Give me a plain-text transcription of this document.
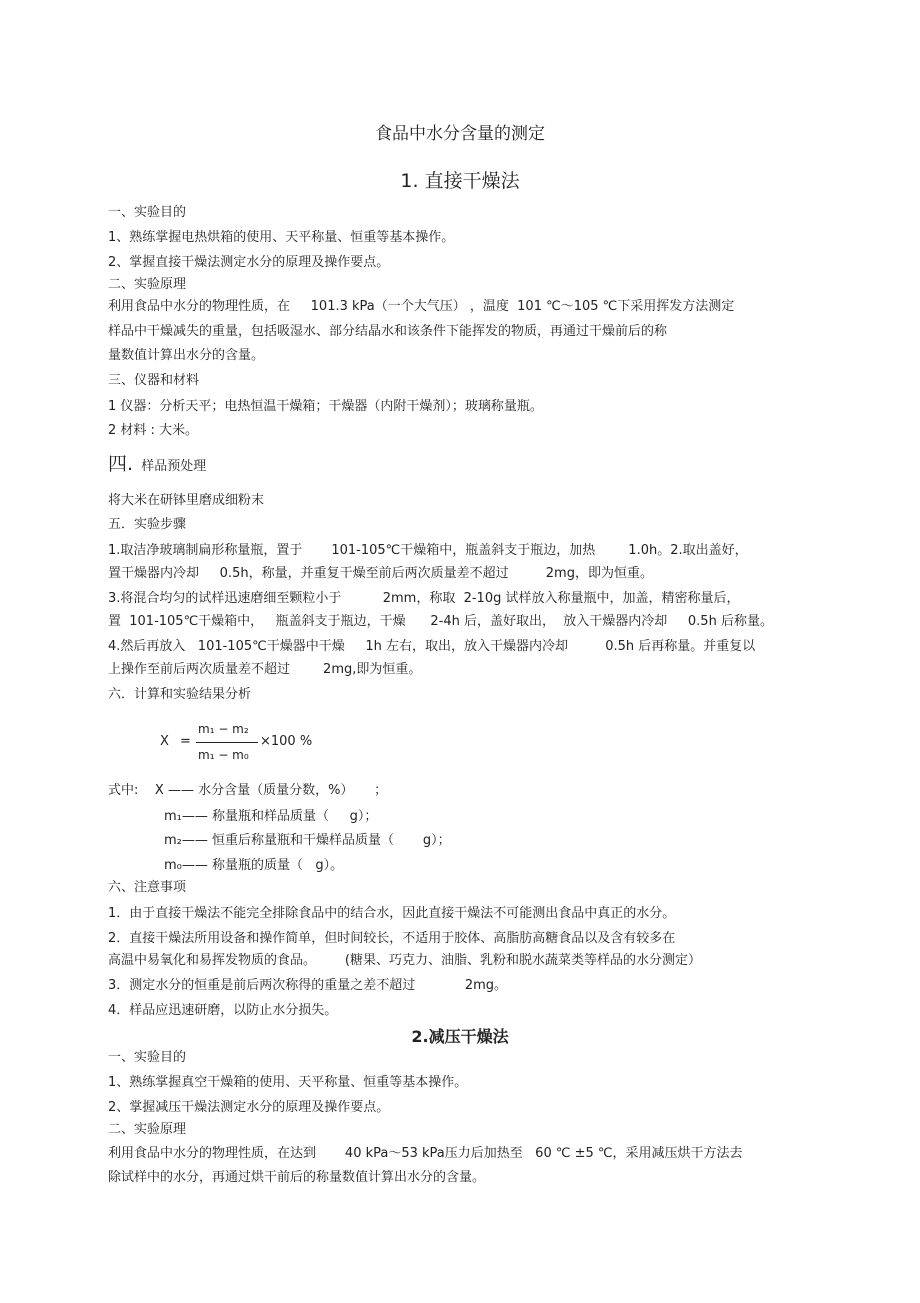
食品中水分含量的测定
1. 直接干燥法
一、实验目的
1、熟练掌握电热烘箱的使用、天平称量、恒重等基本操作。
2、掌握直接干燥法测定水分的原理及操作要点。
二、实验原理
利用食品中水分的物理性质，在     101.3 kPa（一个大气压） ，温度  101 ℃～105 ℃下采用挥发方法测定
样品中干燥减失的重量，包括吸湿水、部分结晶水和该条件下能挥发的物质，再通过干燥前后的称
量数值计算出水分的含量。
三、仪器和材料
1 仪器：分析天平；电热恒温干燥箱；干燥器（内附干燥剂）；玻璃称量瓶。
2 材料 : 大米。
四.  样品预处理
将大米在研钵里磨成细粉末
五．实验步骤
1.取洁净玻璃制扁形称量瓶，置于       101-105℃干燥箱中，瓶盖斜支于瓶边，加热        1.0h。2.取出盖好，
置干燥器内冷却     0.5h，称量，并重复干燥至前后两次质量差不超过         2mg，即为恒重。
3.将混合均匀的试样迅速磨细至颗粒小于          2mm，称取  2-10g 试样放入称量瓶中，加盖，精密称量后，
置  101-105℃干燥箱中，   瓶盖斜支于瓶边，干燥      2-4h 后，盖好取出，  放入干燥器内冷却     0.5h 后称量。
4.然后再放入   101-105℃干燥器中干燥     1h 左右，取出，放入干燥器内冷却         0.5h 后再称量。并重复以
上操作至前后两次质量差不超过        2mg,即为恒重。
六．计算和实验结果分析
X =
m₁ − m₂
m₁ − m₀
×100 %
式中:    X —— 水分含量（质量分数，%）     ；
m₁—— 称量瓶和样品质量（     g）；
m₂—— 恒重后称量瓶和干燥样品质量（       g）；
m₀—— 称量瓶的质量（   g）。
六、注意事项
1．由于直接干燥法不能完全排除食品中的结合水，因此直接干燥法不可能测出食品中真正的水分。
2．直接干燥法所用设备和操作简单，但时间较长，不适用于胶体、高脂肪高糖食品以及含有较多在
高温中易氧化和易挥发物质的食品。       (糖果、巧克力、油脂、乳粉和脱水蔬菜类等样品的水分测定）
3．测定水分的恒重是前后两次称得的重量之差不超过            2mg。
4．样品应迅速研磨，以防止水分损失。
2.减压干燥法
一、实验目的
1、熟练掌握真空干燥箱的使用、天平称量、恒重等基本操作。
2、掌握减压干燥法测定水分的原理及操作要点。
二、实验原理
利用食品中水分的物理性质，在达到       40 kPa～53 kPa压力后加热至   60 ℃ ±5 ℃，采用减压烘干方法去
除试样中的水分，再通过烘干前后的称量数值计算出水分的含量。
